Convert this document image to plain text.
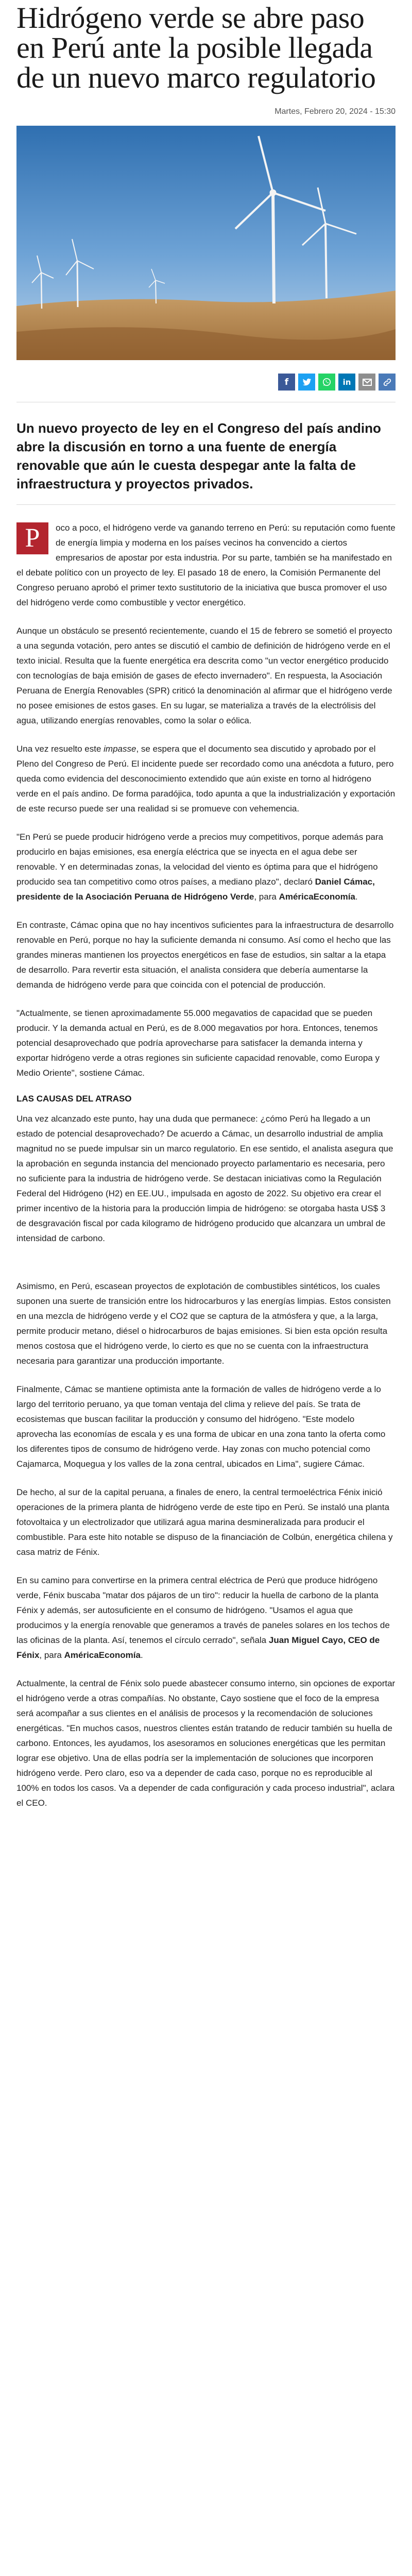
Hidrógeno verde se abre paso en Perú ante la posible llegada de un nuevo marco regulatorio
Martes, Febrero 20, 2024 - 15:30
f	in
Un nuevo proyecto de ley en el Congreso del país andino abre la discusión en torno a una fuente de energía renovable que aún le cuesta despegar ante la falta de infraestructura y proyectos privados.

P	oco a poco, el hidrógeno verde va ganando terreno en Perú: su reputación como fuente de energía limpia y moderna en los países vecinos ha convencido a ciertos empresarios de apostar por esta industria. Por su parte, también se ha manifestado en el debate político con un proyecto de ley. El pasado 18 de enero, la Comisión Permanente del Congreso peruano aprobó el primer texto sustitutorio de la iniciativa que busca promover el uso del hidrógeno verde como combustible y vector energético.

Aunque un obstáculo se presentó recientemente, cuando el 15 de febrero se sometió el proyecto a una segunda votación, pero antes se discutió el cambio de definición de hidrógeno verde en el texto inicial. Resulta que la fuente energética era descrita como "un vector energético producido con tecnologías de baja emisión de gases de efecto invernadero". En respuesta, la Asociación Peruana de Energía Renovables (SPR) criticó la denominación al afirmar que el hidrógeno verde no posee emisiones de estos gases. En su lugar, se materializa a través de la electrólisis del agua, utilizando energías renovables, como la solar o eólica.

Una vez resuelto este impasse, se espera que el documento sea discutido y aprobado por el Pleno del Congreso de Perú. El incidente puede ser recordado como una anécdota a futuro, pero queda como evidencia del desconocimiento extendido que aún existe en torno al hidrógeno verde en el país andino. De forma paradójica, todo apunta a que la industrialización y exportación de este recurso puede ser una realidad si se promueve con vehemencia.

"En Perú se puede producir hidrógeno verde a precios muy competitivos, porque además para producirlo en bajas emisiones, esa energía eléctrica que se inyecta en el agua debe ser renovable. Y en determinadas zonas, la velocidad del viento es óptima para que el hidrógeno producido sea tan competitivo como otros países, a mediano plazo", declaró Daniel Cámac, presidente de la Asociación Peruana de Hidrógeno Verde, para AméricaEconomía.

En contraste, Cámac opina que no hay incentivos suficientes para la infraestructura de desarrollo renovable en Perú, porque no hay la suficiente demanda ni consumo. Así como el hecho que las grandes mineras mantienen los proyectos energéticos en fase de estudios, sin saltar a la etapa de desarrollo. Para revertir esta situación, el analista considera que debería aumentarse la demanda de hidrógeno verde para que coincida con el potencial de producción.

"Actualmente, se tienen aproximadamente 55.000 megavatios de capacidad que se pueden producir. Y la demanda actual en Perú, es de 8.000 megavatios por hora. Entonces, tenemos potencial desaprovechado que podría aprovecharse para satisfacer la demanda interna y exportar hidrógeno verde a otras regiones sin suficiente capacidad renovable, como Europa y Medio Oriente", sostiene Cámac.

LAS CAUSAS DEL ATRASO

Una vez alcanzado este punto, hay una duda que permanece: ¿cómo Perú ha llegado a un estado de potencial desaprovechado? De acuerdo a Cámac, un desarrollo industrial de amplia magnitud no se puede impulsar sin un marco regulatorio. En ese sentido, el analista asegura que la aprobación en segunda instancia del mencionado proyecto parlamentario es necesaria, pero no suficiente para la industria de hidrógeno verde. Se destacan iniciativas como la Regulación Federal del Hidrógeno (H2) en EE.UU., impulsada en agosto de 2022. Su objetivo era crear el primer incentivo de la historia para la producción limpia de hidrógeno: se otorgaba hasta US$ 3 de desgravación fiscal por cada kilogramo de hidrógeno producido que alcanzara un umbral de intensidad de carbono.

Asimismo, en Perú, escasean proyectos de explotación de combustibles sintéticos, los cuales suponen una suerte de transición entre los hidrocarburos y las energías limpias. Estos consisten en una mezcla de hidrógeno verde y el CO2 que se captura de la atmósfera y que, a la larga, permite producir metano, diésel o hidrocarburos de bajas emisiones. Si bien esta opción resulta menos costosa que el hidrógeno verde, lo cierto es que no se cuenta con la infraestructura necesaria para garantizar una producción importante.

Finalmente, Cámac se mantiene optimista ante la formación de valles de hidrógeno verde a lo largo del territorio peruano, ya que toman ventaja del clima y relieve del país. Se trata de ecosistemas que buscan facilitar la producción y consumo del hidrógeno. "Este modelo aprovecha las economías de escala y es una forma de ubicar en una zona tanto la oferta como los diferentes tipos de consumo de hidrógeno verde. Hay zonas con mucho potencial como Cajamarca, Moquegua y los valles de la zona central, ubicados en Lima", sugiere Cámac.

De hecho, al sur de la capital peruana, a finales de enero, la central termoeléctrica Fénix inició operaciones de la primera planta de hidrógeno verde de este tipo en Perú. Se instaló una planta fotovoltaica y un electrolizador que utilizará agua marina desmineralizada para producir el combustible. Para este hito notable se dispuso de la financiación de Colbún, energética chilena y casa matriz de Fénix.

En su camino para convertirse en la primera central eléctrica de Perú que produce hidrógeno verde, Fénix buscaba "matar dos pájaros de un tiro": reducir la huella de carbono de la planta Fénix y además, ser autosuficiente en el consumo de hidrógeno. "Usamos el agua que producimos y la energía renovable que generamos a través de paneles solares en los techos de las oficinas de la planta. Así, tenemos el círculo cerrado", señala Juan Miguel Cayo, CEO de Fénix, para AméricaEconomía.

Actualmente, la central de Fénix solo puede abastecer consumo interno, sin opciones de exportar el hidrógeno verde a otras compañías. No obstante, Cayo sostiene que el foco de la empresa será acompañar a sus clientes en el análisis de procesos y la recomendación de soluciones energéticas. "En muchos casos, nuestros clientes están tratando de reducir también su huella de carbono. Entonces, les ayudamos, los asesoramos en soluciones energéticas que les permitan lograr ese objetivo. Una de ellas podría ser la implementación de soluciones que incorporen hidrógeno verde. Pero claro, eso va a depender de cada caso, porque no es reproducible al 100% en todos los casos. Va a depender de cada configuración y cada proceso industrial", aclara el CEO.
